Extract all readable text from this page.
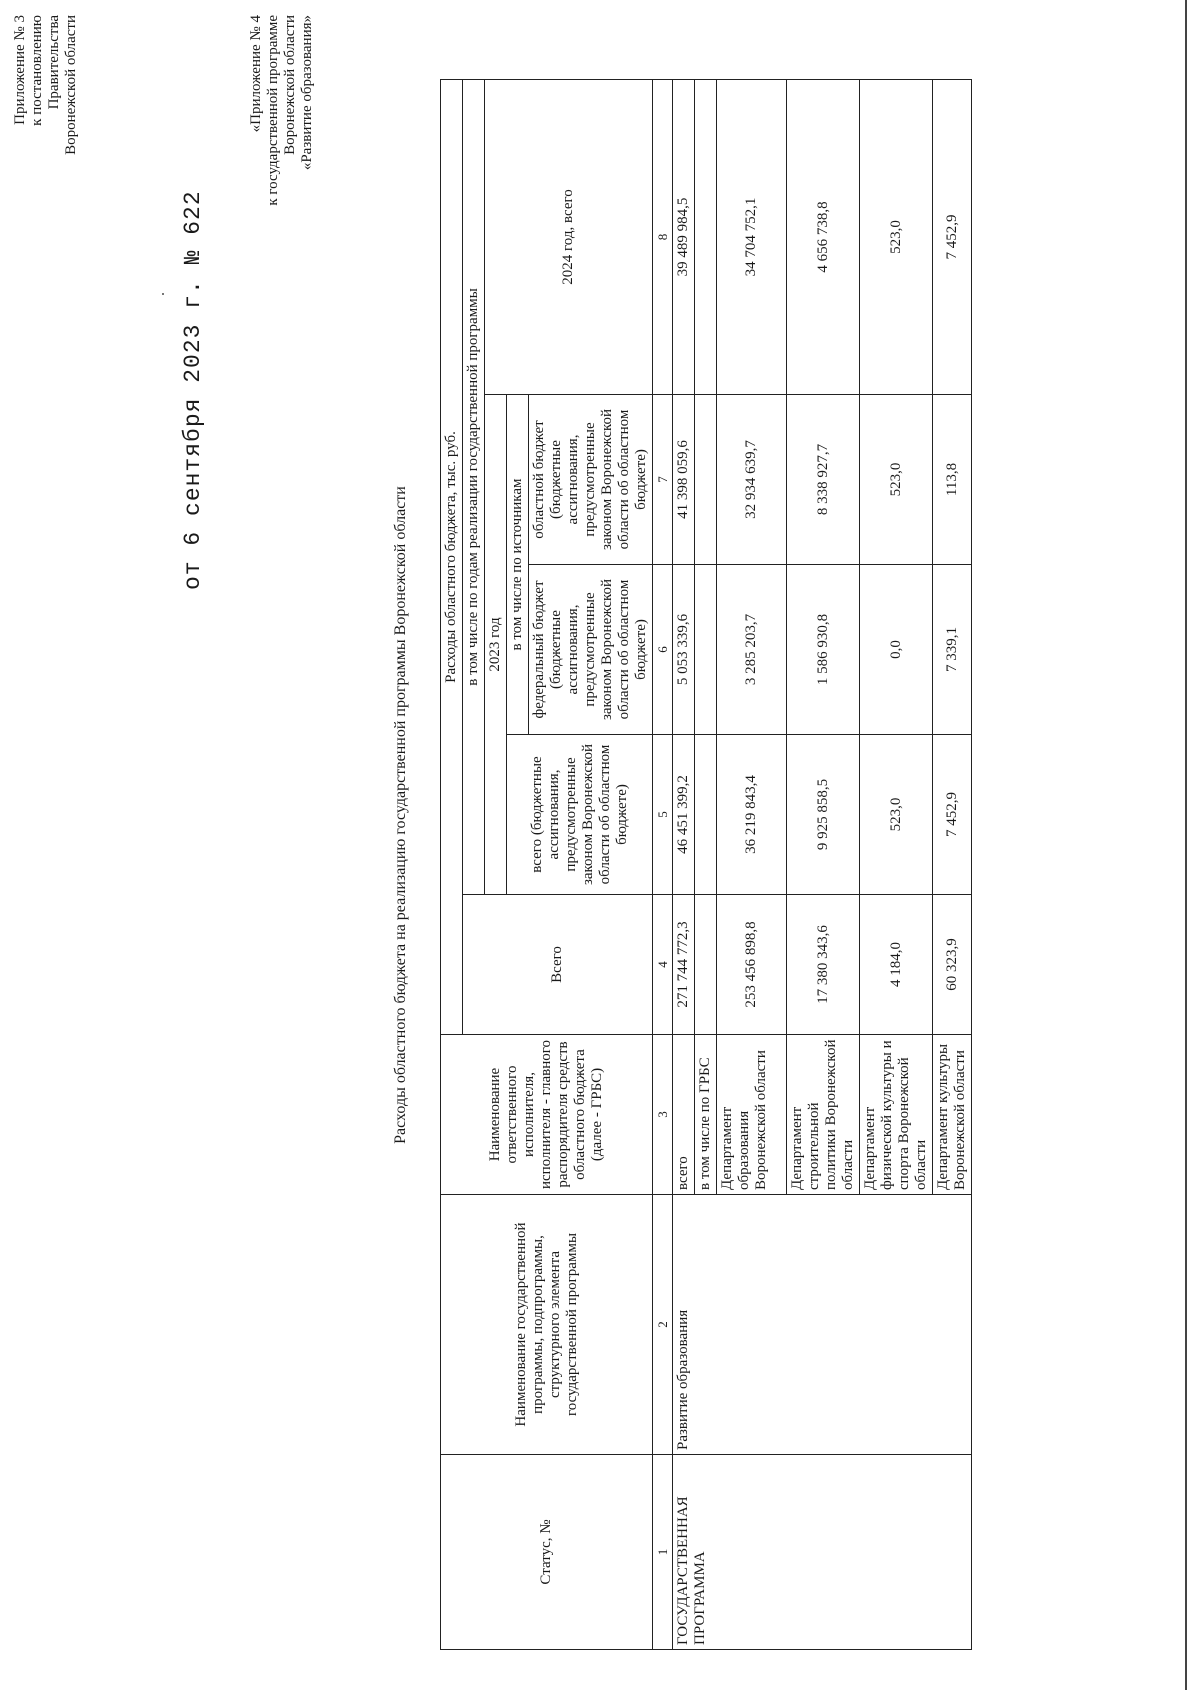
Приложение № 3 к постановлению Правительства Воронежской области
от 6 сентября 2023 г. № 622
«Приложение № 4 к государственной программе Воронежской области «Развитие образования»
Расходы областного бюджета на реализацию государственной программы Воронежской области
Статус, №	Наименование государственной программы, подпрограммы, структурного элемента государственной программы	Наименование ответственного исполнителя, исполнителя - главного распорядителя средств областного бюджета (далее - ГРБС)	Расходы областного бюджета, тыс. руб.				
			Всего	в том числе по годам реализации государственной программы			
				2023 год			2024 год, всего
				всего (бюджетные ассигнования, предусмотренные законом Воронежской области об областном бюджете)	в том числе по источникам		
					федеральный бюджет (бюджетные ассигнования, предусмотренные законом Воронежской области об областном бюджете)	областной бюджет (бюджетные ассигнования, предусмотренные законом Воронежской области об областном бюджете)	
1	2	3	4	5	6	7	8
ГОСУДАРСТВЕННАЯ ПРОГРАММА	Развитие образования	всего	271 744 772,3	46 451 399,2	5 053 339,6	41 398 059,6	39 489 984,5
		в том числе по ГРБС					
		Департамент образования Воронежской области	253 456 898,8	36 219 843,4	3 285 203,7	32 934 639,7	34 704 752,1
		Департамент строительной политики Воронежской области	17 380 343,6	9 925 858,5	1 586 930,8	8 338 927,7	4 656 738,8
		Департамент физической культуры и спорта Воронежской области	4 184,0	523,0	0,0	523,0	523,0
		Департамент культуры Воронежской области	60 323,9	7 452,9	7 339,1	113,8	7 452,9
